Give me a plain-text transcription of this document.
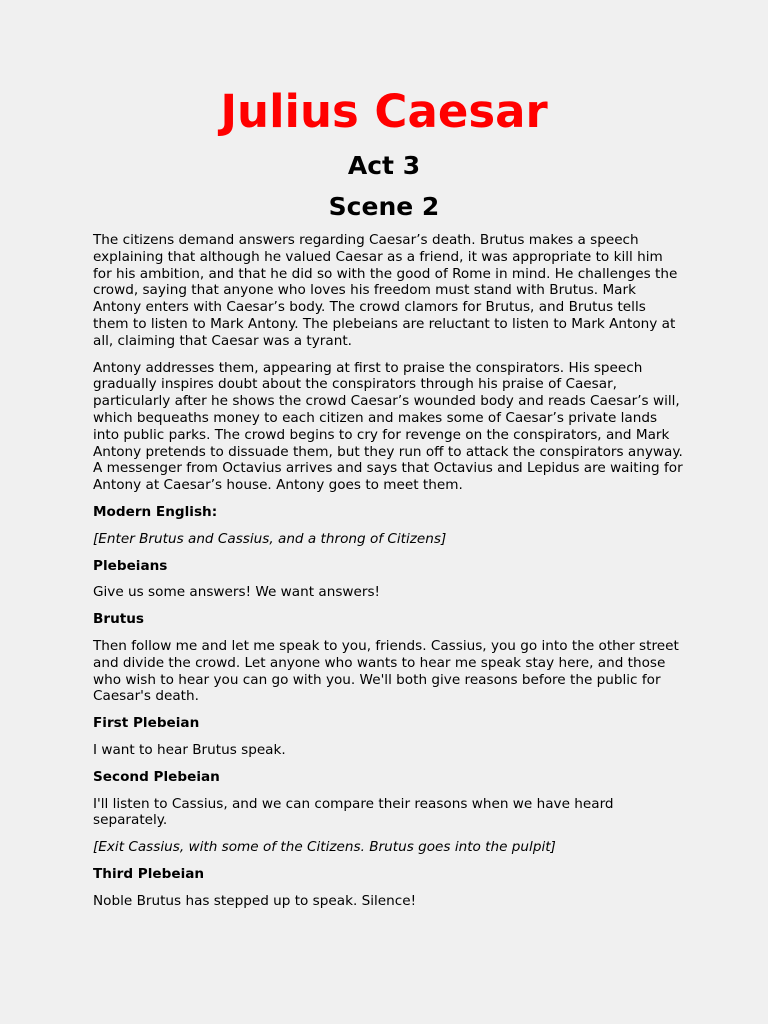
Julius Caesar
Act 3
Scene 2

The citizens demand answers regarding Caesar’s death. Brutus makes a speech explaining that although he valued Caesar as a friend, it was appropriate to kill him for his ambition, and that he did so with the good of Rome in mind. He challenges the crowd, saying that anyone who loves his freedom must stand with Brutus. Mark Antony enters with Caesar’s body. The crowd clamors for Brutus, and Brutus tells them to listen to Mark Antony. The plebeians are reluctant to listen to Mark Antony at all, claiming that Caesar was a tyrant.

Antony addresses them, appearing at first to praise the conspirators. His speech gradually inspires doubt about the conspirators through his praise of Caesar, particularly after he shows the crowd Caesar’s wounded body and reads Caesar’s will, which bequeaths money to each citizen and makes some of Caesar’s private lands into public parks. The crowd begins to cry for revenge on the conspirators, and Mark Antony pretends to dissuade them, but they run off to attack the conspirators anyway. A messenger from Octavius arrives and says that Octavius and Lepidus are waiting for Antony at Caesar’s house. Antony goes to meet them.

Modern English:

[Enter Brutus and Cassius, and a throng of Citizens]

Plebeians

Give us some answers! We want answers!

Brutus

Then follow me and let me speak to you, friends. Cassius, you go into the other street and divide the crowd. Let anyone who wants to hear me speak stay here, and those who wish to hear you can go with you. We'll both give reasons before the public for Caesar's death.

First Plebeian

I want to hear Brutus speak.

Second Plebeian

I'll listen to Cassius, and we can compare their reasons when we have heard separately.

[Exit Cassius, with some of the Citizens. Brutus goes into the pulpit]

Third Plebeian

Noble Brutus has stepped up to speak. Silence!
